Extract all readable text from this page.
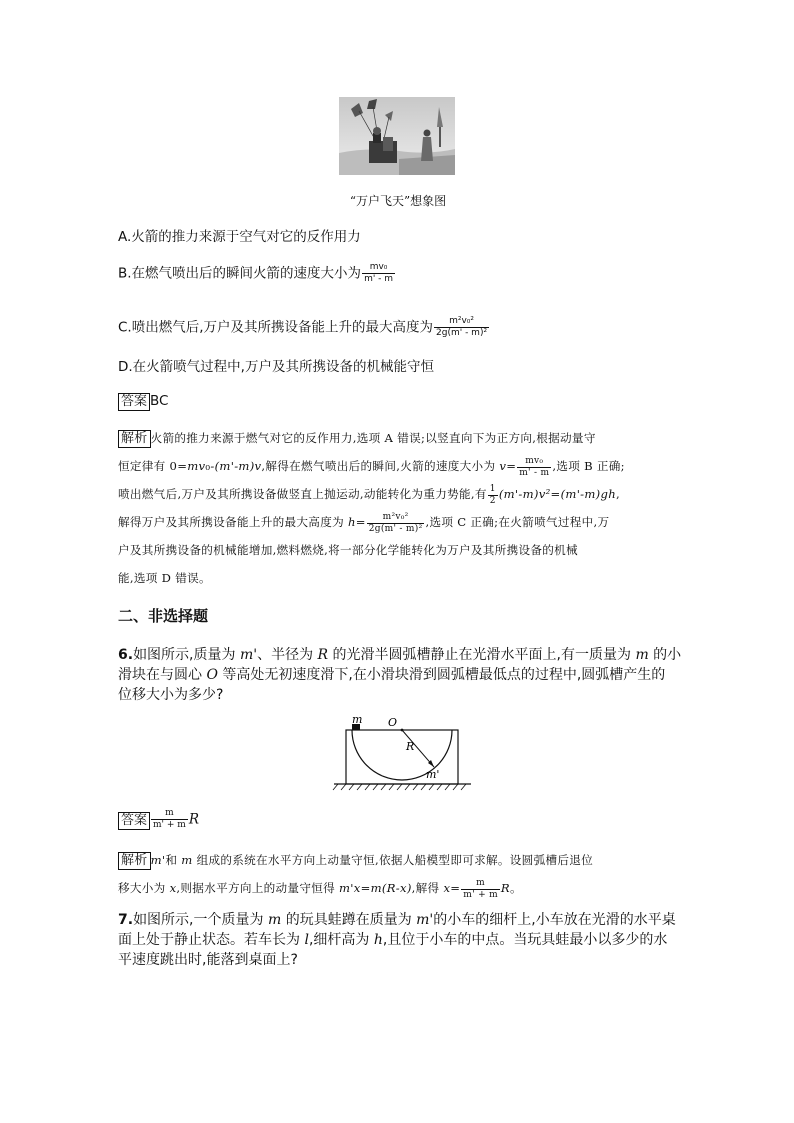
“万户飞天”想象图
A.火箭的推力来源于空气对它的反作用力
B.在燃气喷出后的瞬间火箭的速度大小为 $\frac{\text{mv₀}}{m' - m}$
C.喷出燃气后,万户及其所携设备能上升的最大高度为 $\frac{\text{m²v₀²}}{\text{2g(m' - m)²}}$
D.在火箭喷气过程中,万户及其所携设备的机械能守恒
答案 BC
解析 火箭的推力来源于燃气对它的反作用力,选项 A 错误;以竖直向下为正方向,根据动量守
恒定律有 0=mv₀-(m'-m)v,解得在燃气喷出后的瞬间,火箭的速度大小为 $v= \frac{\text{mv₀}}{m' - m}$ ,选项 B 正确;
喷出燃气后,万户及其所携设备做竖直上抛运动,动能转化为重力势能,有 $\frac{1}{2} (m'-m)v^2=(m'-m)gh$,
解得万户及其所携设备能上升的最大高度为 $h= \frac{\text{m²v₀²}}{\text{2g(m' - m)²}}$ ,选项 C 正确;在火箭喷气过程中,万
户及其所携设备的机械能增加,燃料燃烧,将一部分化学能转化为万户及其所携设备的机械
能,选项 D 错误。
二、非选择题
6.如图所示,质量为 m'、半径为 R 的光滑半圆弧槽静止在光滑水平面上,有一质量为 m 的小
滑块在与圆心 O 等高处无初速度滑下,在小滑块滑到圆弧槽最低点的过程中,圆弧槽产生的
位移大小为多少?
m O
R
m'
答案 $\frac{m}{m' + m}$ R
解析 m'和 m 组成的系统在水平方向上动量守恒,依据人船模型即可求解。设圆弧槽后退位
移大小为 x,则据水平方向上的动量守恒得 m'x=m(R-x),解得 $x= \frac{m}{m' + m}$ R。
7.如图所示,一个质量为 m 的玩具蛙蹲在质量为 m'的小车的细杆上,小车放在光滑的水平桌
面上处于静止状态。若车长为 l,细杆高为 h,且位于小车的中点。当玩具蛙最小以多少的水
平速度跳出时,能落到桌面上?
